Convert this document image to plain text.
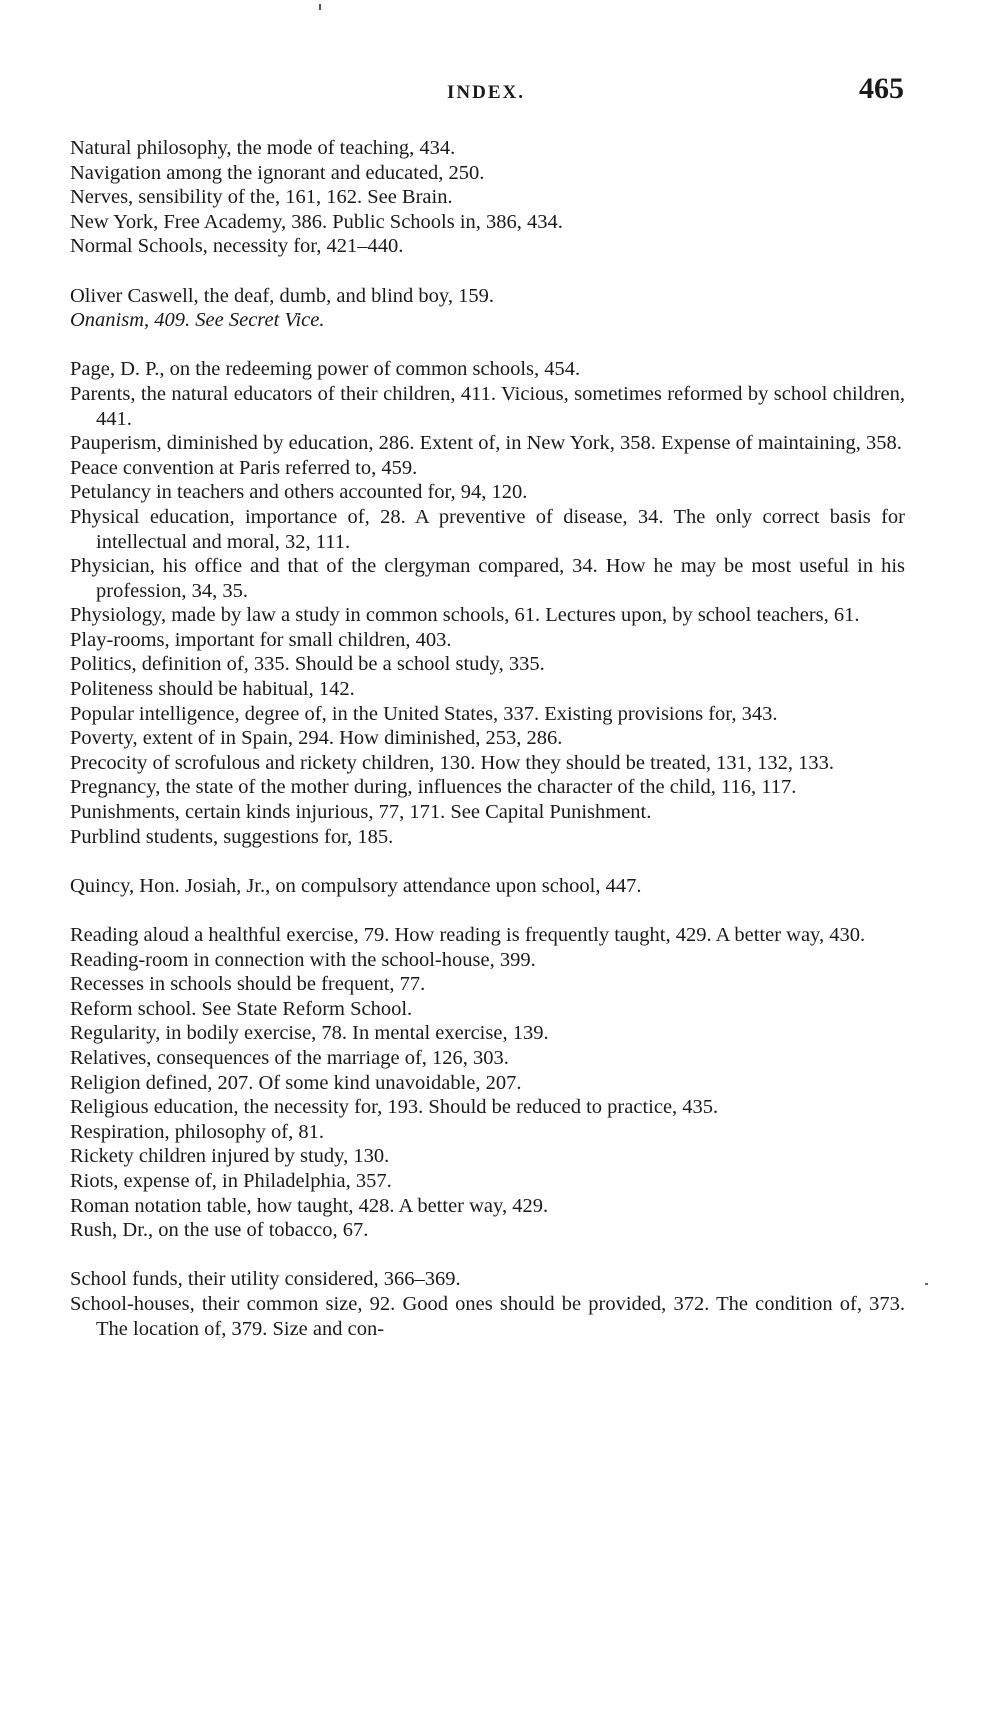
INDEX.	465
Natural philosophy, the mode of teaching, 434.
Navigation among the ignorant and educated, 250.
Nerves, sensibility of the, 161, 162. See Brain.
New York, Free Academy, 386. Public Schools in, 386, 434.
Normal Schools, necessity for, 421–440.
Oliver Caswell, the deaf, dumb, and blind boy, 159.
Onanism, 409. See Secret Vice.
Page, D. P., on the redeeming power of common schools, 454.
Parents, the natural educators of their children, 411. Vicious, sometimes reformed by school children, 441.
Pauperism, diminished by education, 286. Extent of, in New York, 358. Expense of maintaining, 358.
Peace convention at Paris referred to, 459.
Petulancy in teachers and others accounted for, 94, 120.
Physical education, importance of, 28. A preventive of disease, 34. The only correct basis for intellectual and moral, 32, 111.
Physician, his office and that of the clergyman compared, 34. How he may be most useful in his profession, 34, 35.
Physiology, made by law a study in common schools, 61. Lectures upon, by school teachers, 61.
Play-rooms, important for small children, 403.
Politics, definition of, 335. Should be a school study, 335.
Politeness should be habitual, 142.
Popular intelligence, degree of, in the United States, 337. Existing provisions for, 343.
Poverty, extent of in Spain, 294. How diminished, 253, 286.
Precocity of scrofulous and rickety children, 130. How they should be treated, 131, 132, 133.
Pregnancy, the state of the mother during, influences the character of the child, 116, 117.
Punishments, certain kinds injurious, 77, 171. See Capital Punishment.
Purblind students, suggestions for, 185.
Quincy, Hon. Josiah, Jr., on compulsory attendance upon school, 447.
Reading aloud a healthful exercise, 79. How reading is frequently taught, 429. A better way, 430.
Reading-room in connection with the school-house, 399.
Recesses in schools should be frequent, 77.
Reform school. See State Reform School.
Regularity, in bodily exercise, 78. In mental exercise, 139.
Relatives, consequences of the marriage of, 126, 303.
Religion defined, 207. Of some kind unavoidable, 207.
Religious education, the necessity for, 193. Should be reduced to practice, 435.
Respiration, philosophy of, 81.
Rickety children injured by study, 130.
Riots, expense of, in Philadelphia, 357.
Roman notation table, how taught, 428. A better way, 429.
Rush, Dr., on the use of tobacco, 67.
School funds, their utility considered, 366–369.
School-houses, their common size, 92. Good ones should be provided, 372. The condition of, 373. The location of, 379. Size and con-
